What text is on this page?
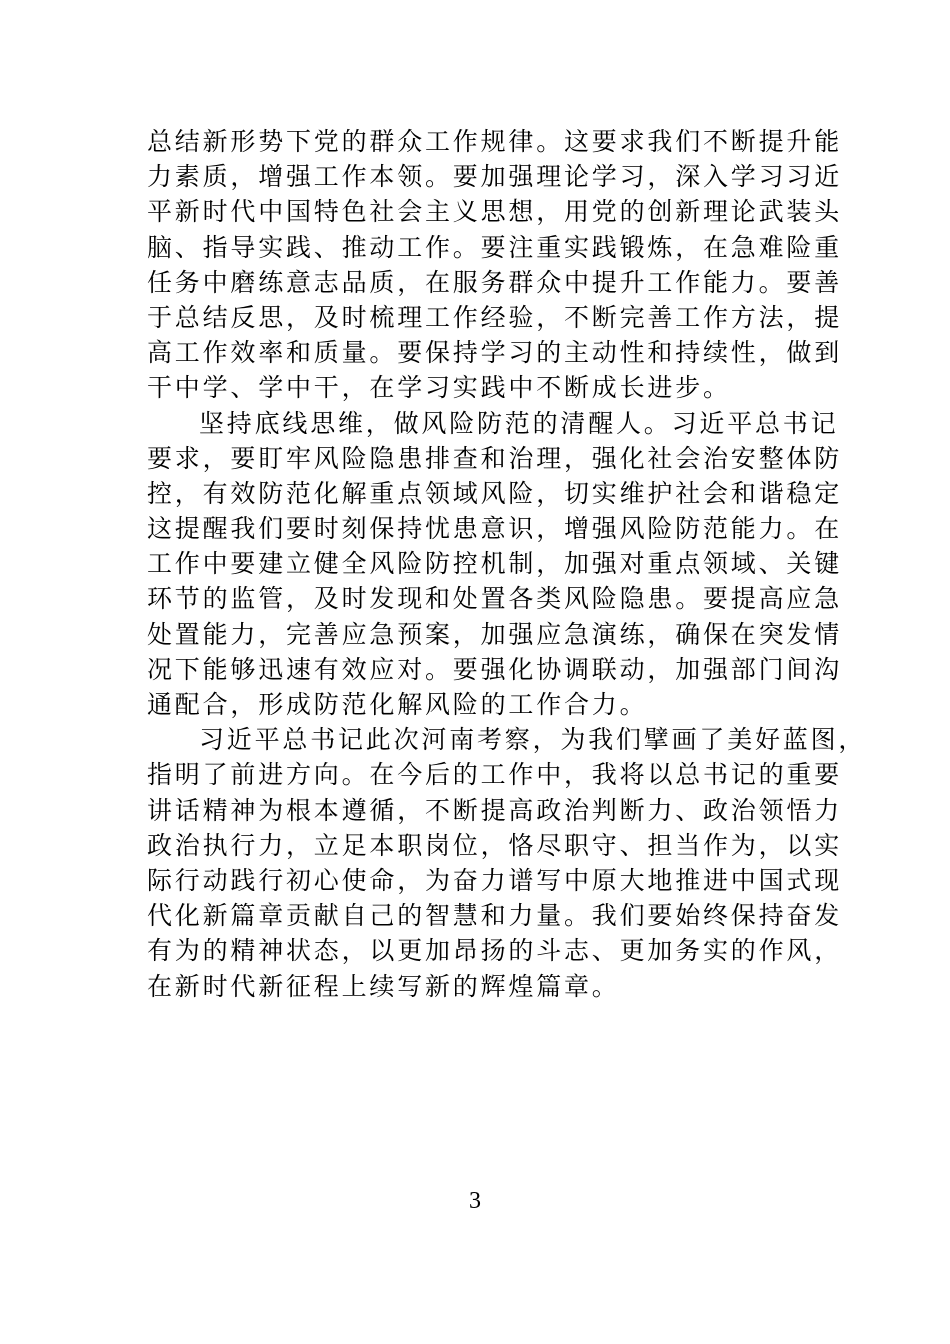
总结新形势下党的群众工作规律。这要求我们不断提升能
力素质，增强工作本领。要加强理论学习，深入学习习近
平新时代中国特色社会主义思想，用党的创新理论武装头
脑、指导实践、推动工作。要注重实践锻炼，在急难险重
任务中磨练意志品质，在服务群众中提升工作能力。要善
于总结反思，及时梳理工作经验，不断完善工作方法，提
高工作效率和质量。要保持学习的主动性和持续性，做到
干中学、学中干，在学习实践中不断成长进步。
坚持底线思维，做风险防范的清醒人。习近平总书记
要求，要盯牢风险隐患排查和治理，强化社会治安整体防
控，有效防范化解重点领域风险，切实维护社会和谐稳定
这提醒我们要时刻保持忧患意识，增强风险防范能力。在
工作中要建立健全风险防控机制，加强对重点领域、关键
环节的监管，及时发现和处置各类风险隐患。要提高应急
处置能力，完善应急预案，加强应急演练，确保在突发情
况下能够迅速有效应对。要强化协调联动，加强部门间沟
通配合，形成防范化解风险的工作合力。
习近平总书记此次河南考察，为我们擘画了美好蓝图，
指明了前进方向。在今后的工作中，我将以总书记的重要
讲话精神为根本遵循，不断提高政治判断力、政治领悟力
政治执行力，立足本职岗位，恪尽职守、担当作为，以实
际行动践行初心使命，为奋力谱写中原大地推进中国式现
代化新篇章贡献自己的智慧和力量。我们要始终保持奋发
有为的精神状态，以更加昂扬的斗志、更加务实的作风，
在新时代新征程上续写新的辉煌篇章。
3
